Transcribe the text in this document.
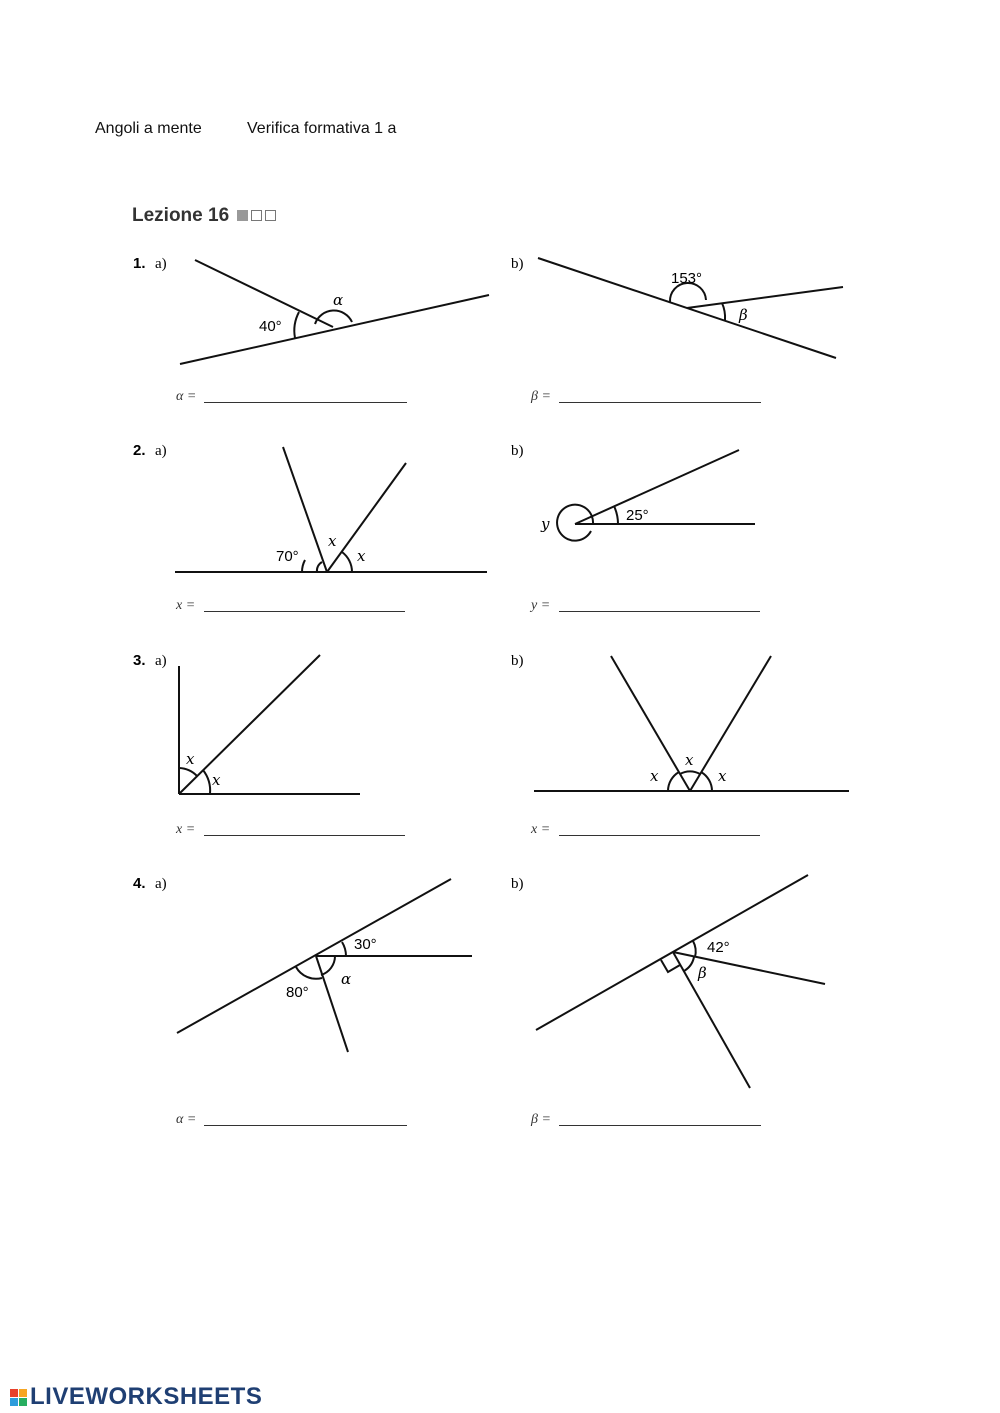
Angoli a mente	Verifica formativa 1 a
Lezione 16
1.
2.
3.
4.
a)	b)
a)	b)
a)	b)
a)	b)
40°
α
153°
β
70°
x
x
y	25°
x
x	x
x
x
30°
80°
α
42°
β
α =	β =
x =	y =
x =	x =
α =	β =
LIVEWORKSHEETS
